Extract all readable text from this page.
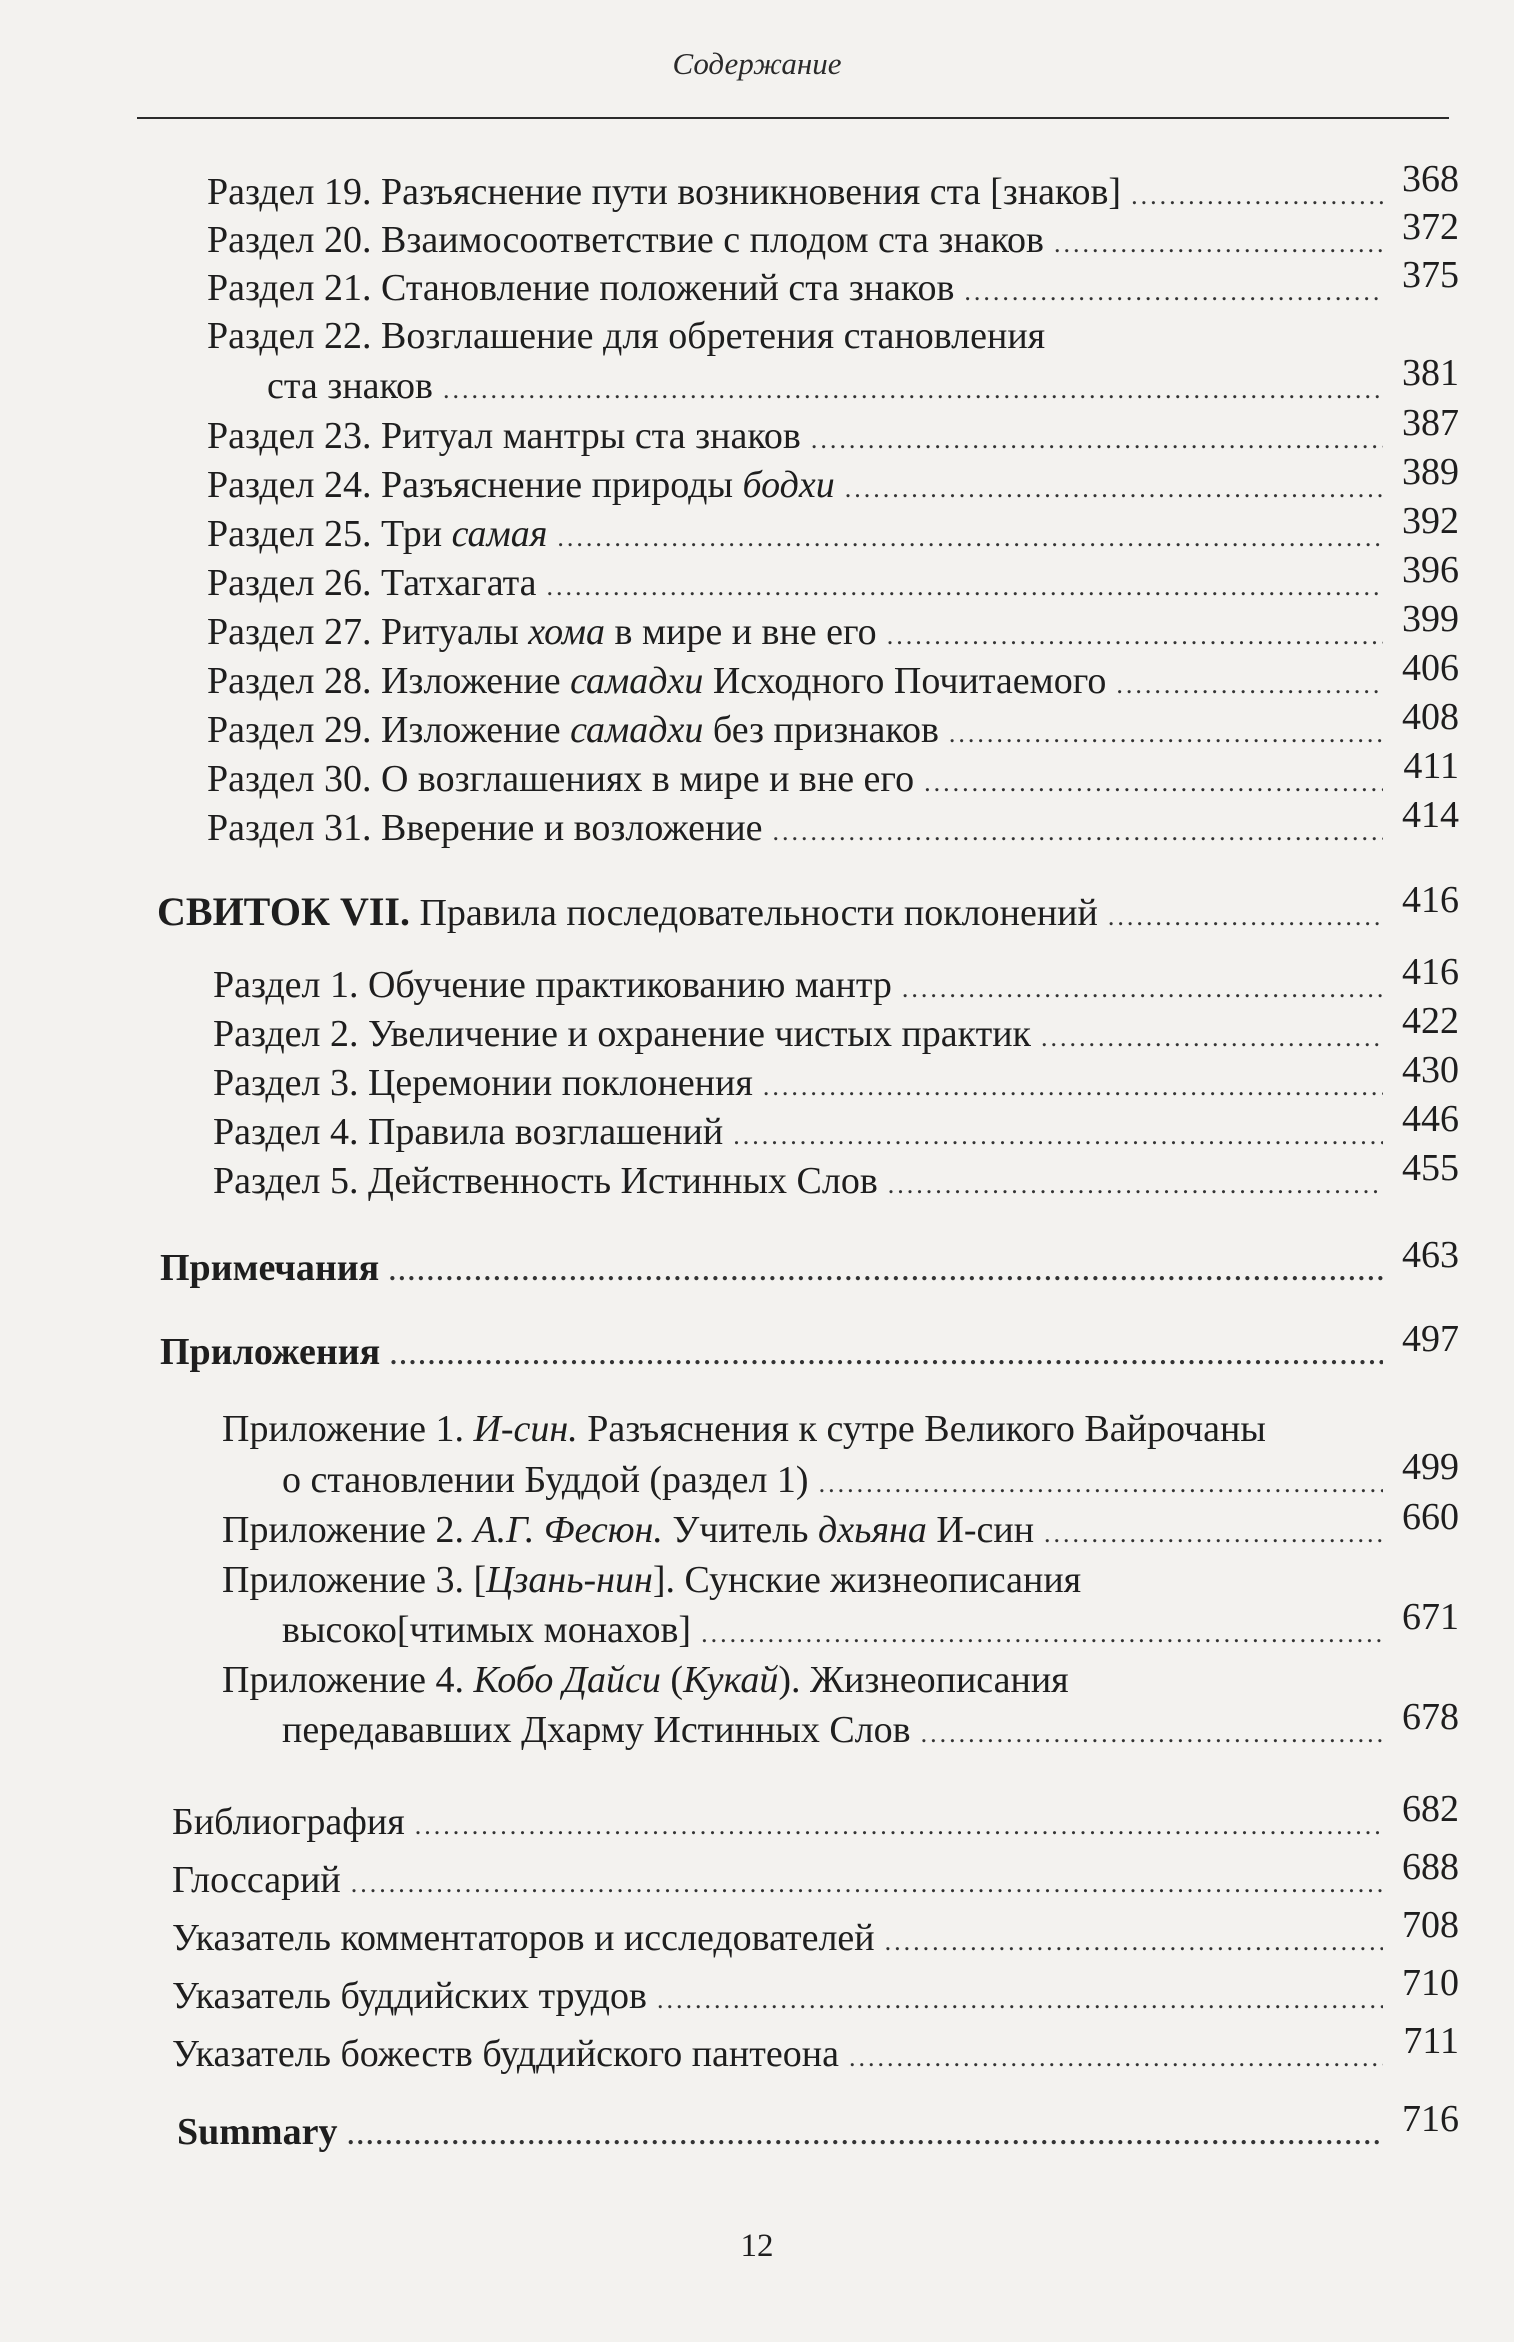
Содержание
Раздел 19. Разъяснение пути возникновения ста [знаков] .....	368
Раздел 20. Взаимосоответствие с плодом ста знаков .....	372
Раздел 21. Становление положений ста знаков .....	375
Раздел 22. Возглашение для обретения становления
ста знаков .....	381
Раздел 23. Ритуал мантры ста знаков .....	387
Раздел 24. Разъяснение природы бодхи .....	389
Раздел 25. Три самая .....	392
Раздел 26. Татхагата .....	396
Раздел 27. Ритуалы хома в мире и вне его .....	399
Раздел 28. Изложение самадхи Исходного Почитаемого .....	406
Раздел 29. Изложение самадхи без признаков .....	408
Раздел 30. О возглашениях в мире и вне его .....	411
Раздел 31. Вверение и возложение .....	414
СВИТОК VII. Правила последовательности поклонений .....	416
Раздел 1. Обучение практикованию мантр .....	416
Раздел 2. Увеличение и охранение чистых практик .....	422
Раздел 3. Церемонии поклонения .....	430
Раздел 4. Правила возглашений .....	446
Раздел 5. Действенность Истинных Слов .....	455
Примечания .....	463
Приложения .....	497
Приложение 1. И-син. Разъяснения к сутре Великого Вайрочаны
о становлении Буддой (раздел 1) .....	499
Приложение 2. А.Г. Фесюн. Учитель дхьяна И-син .....	660
Приложение 3. [Цзань-нин]. Сунские жизнеописания
высоко[чтимых монахов] .....	671
Приложение 4. Кобо Дайси (Кукай). Жизнеописания
передававших Дхарму Истинных Слов .....	678
Библиография .....	682
Глоссарий .....	688
Указатель комментаторов и исследователей .....	708
Указатель буддийских трудов .....	710
Указатель божеств буддийского пантеона .....	711
Summary .....	716
12
